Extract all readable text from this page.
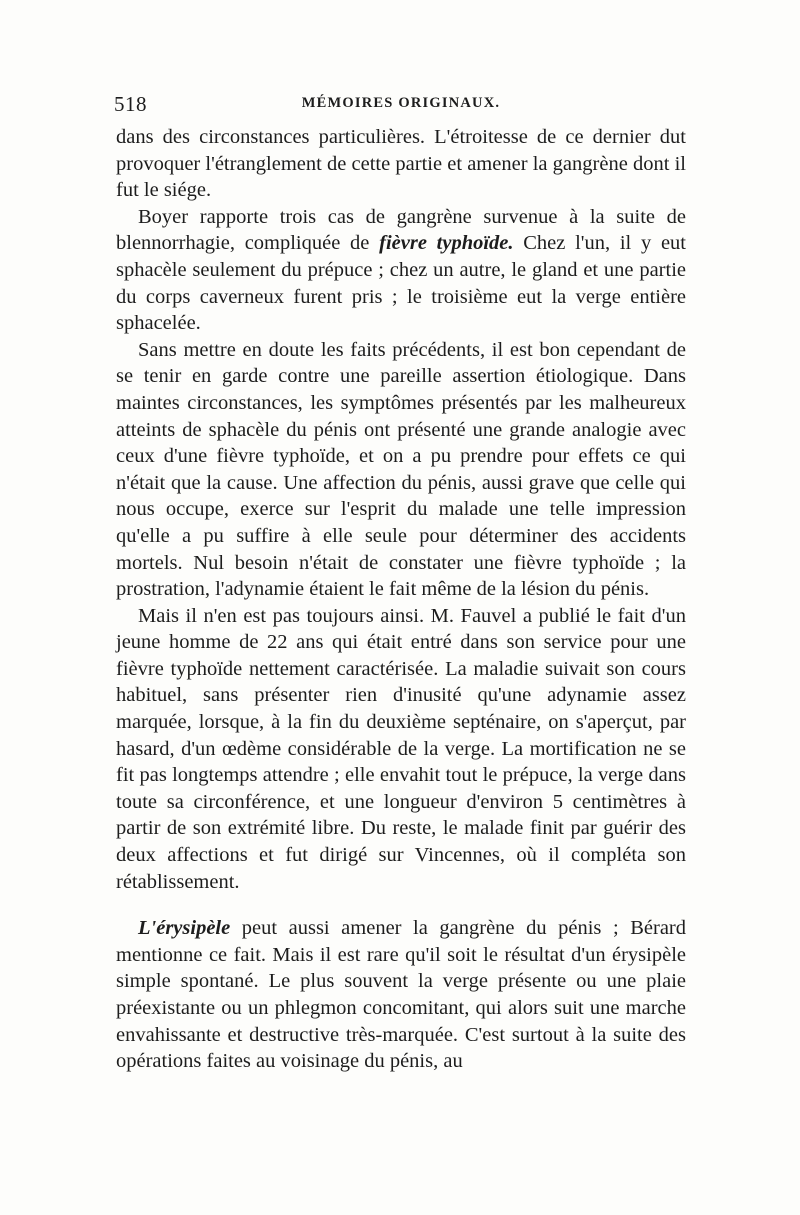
518	MÉMOIRES ORIGINAUX.

dans des circonstances particulières. L'étroitesse de ce dernier dut provoquer l'étranglement de cette partie et amener la gangrène dont il fut le siége.

Boyer rapporte trois cas de gangrène survenue à la suite de blennorrhagie, compliquée de fièvre typhoïde. Chez l'un, il y eut sphacèle seulement du prépuce ; chez un autre, le gland et une partie du corps caverneux furent pris ; le troisième eut la verge entière sphacelée.

Sans mettre en doute les faits précédents, il est bon cependant de se tenir en garde contre une pareille assertion étiologique. Dans maintes circonstances, les symptômes présentés par les malheureux atteints de sphacèle du pénis ont présenté une grande analogie avec ceux d'une fièvre typhoïde, et on a pu prendre pour effets ce qui n'était que la cause. Une affection du pénis, aussi grave que celle qui nous occupe, exerce sur l'esprit du malade une telle impression qu'elle a pu suffire à elle seule pour déterminer des accidents mortels. Nul besoin n'était de constater une fièvre typhoïde ; la prostration, l'adynamie étaient le fait même de la lésion du pénis.

Mais il n'en est pas toujours ainsi. M. Fauvel a publié le fait d'un jeune homme de 22 ans qui était entré dans son service pour une fièvre typhoïde nettement caractérisée. La maladie suivait son cours habituel, sans présenter rien d'inusité qu'une adynamie assez marquée, lorsque, à la fin du deuxième septénaire, on s'aperçut, par hasard, d'un œdème considérable de la verge. La mortification ne se fit pas longtemps attendre ; elle envahit tout le prépuce, la verge dans toute sa circonférence, et une longueur d'environ 5 centimètres à partir de son extrémité libre. Du reste, le malade finit par guérir des deux affections et fut dirigé sur Vincennes, où il compléta son rétablissement.

L'érysipèle peut aussi amener la gangrène du pénis ; Bérard mentionne ce fait. Mais il est rare qu'il soit le résultat d'un érysipèle simple spontané. Le plus souvent la verge présente ou une plaie préexistante ou un phlegmon concomitant, qui alors suit une marche envahissante et destructive très-marquée. C'est surtout à la suite des opérations faites au voisinage du pénis, au
